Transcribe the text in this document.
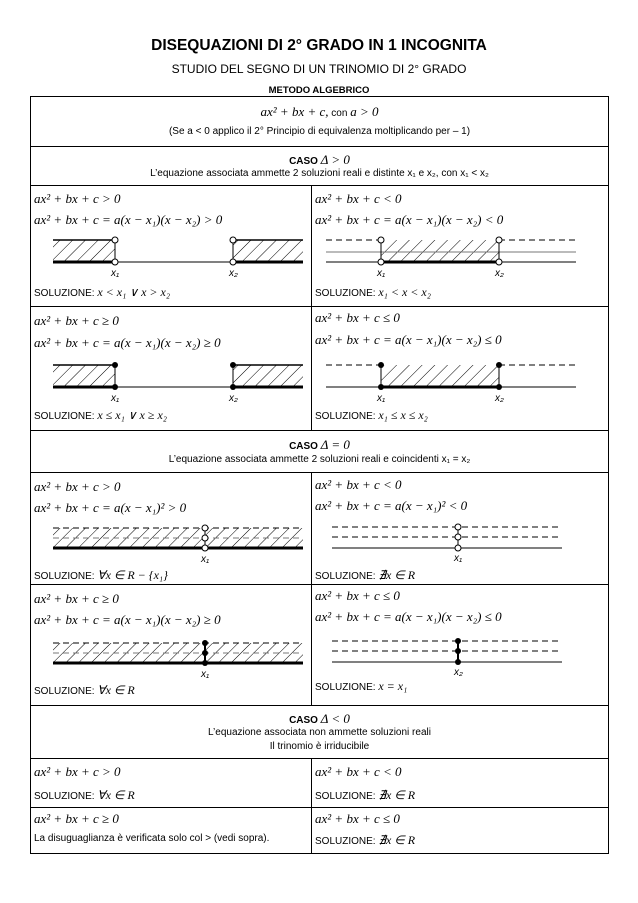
DISEQUAZIONI DI 2° GRADO IN 1 INCOGNITA
STUDIO DEL SEGNO DI UN TRINOMIO DI 2° GRADO
METODO ALGEBRICO
ax² + bx + c, con a > 0
(Se a < 0 applico il 2° Principio di equivalenza moltiplicando per – 1)
CASO Δ > 0
L’equazione associata ammette 2 soluzioni reali e distinte x₁ e x₂, con x₁ < x₂
ax² + bx + c > 0
ax² + bx + c = a(x − x₁)(x − x₂) > 0
x₁	x₂
SOLUZIONE: x < x₁ ∨ x > x₂
ax² + bx + c < 0
ax² + bx + c = a(x − x₁)(x − x₂) < 0
x₁	x₂
SOLUZIONE: x₁ < x < x₂
ax² + bx + c ≥ 0
ax² + bx + c = a(x − x₁)(x − x₂) ≥ 0
x₁	x₂
SOLUZIONE: x ≤ x₁ ∨ x ≥ x₂
ax² + bx + c ≤ 0
ax² + bx + c = a(x − x₁)(x − x₂) ≤ 0
x₁	x₂
SOLUZIONE: x₁ ≤ x ≤ x₂
CASO Δ = 0
L’equazione associata ammette 2 soluzioni reali e coincidenti x₁ = x₂
ax² + bx + c > 0
ax² + bx + c = a(x − x₁)² > 0
x₁
SOLUZIONE: ∀x ∈ R − {x₁}
ax² + bx + c < 0
ax² + bx + c = a(x − x₁)² < 0
x₁
SOLUZIONE: ∄x ∈ R
ax² + bx + c ≥ 0
ax² + bx + c = a(x − x₁)(x − x₂) ≥ 0
x₁
SOLUZIONE: ∀x ∈ R
ax² + bx + c ≤ 0
ax² + bx + c = a(x − x₁)(x − x₂) ≤ 0
x₂
SOLUZIONE: x = x₁
CASO Δ < 0
L’equazione associata non ammette soluzioni reali
Il trinomio è irriducibile
ax² + bx + c > 0
SOLUZIONE: ∀x ∈ R
ax² + bx + c < 0
SOLUZIONE: ∄x ∈ R
ax² + bx + c ≥ 0
La disuguaglianza è verificata solo col > (vedi sopra).
ax² + bx + c ≤ 0
SOLUZIONE: ∄x ∈ R
